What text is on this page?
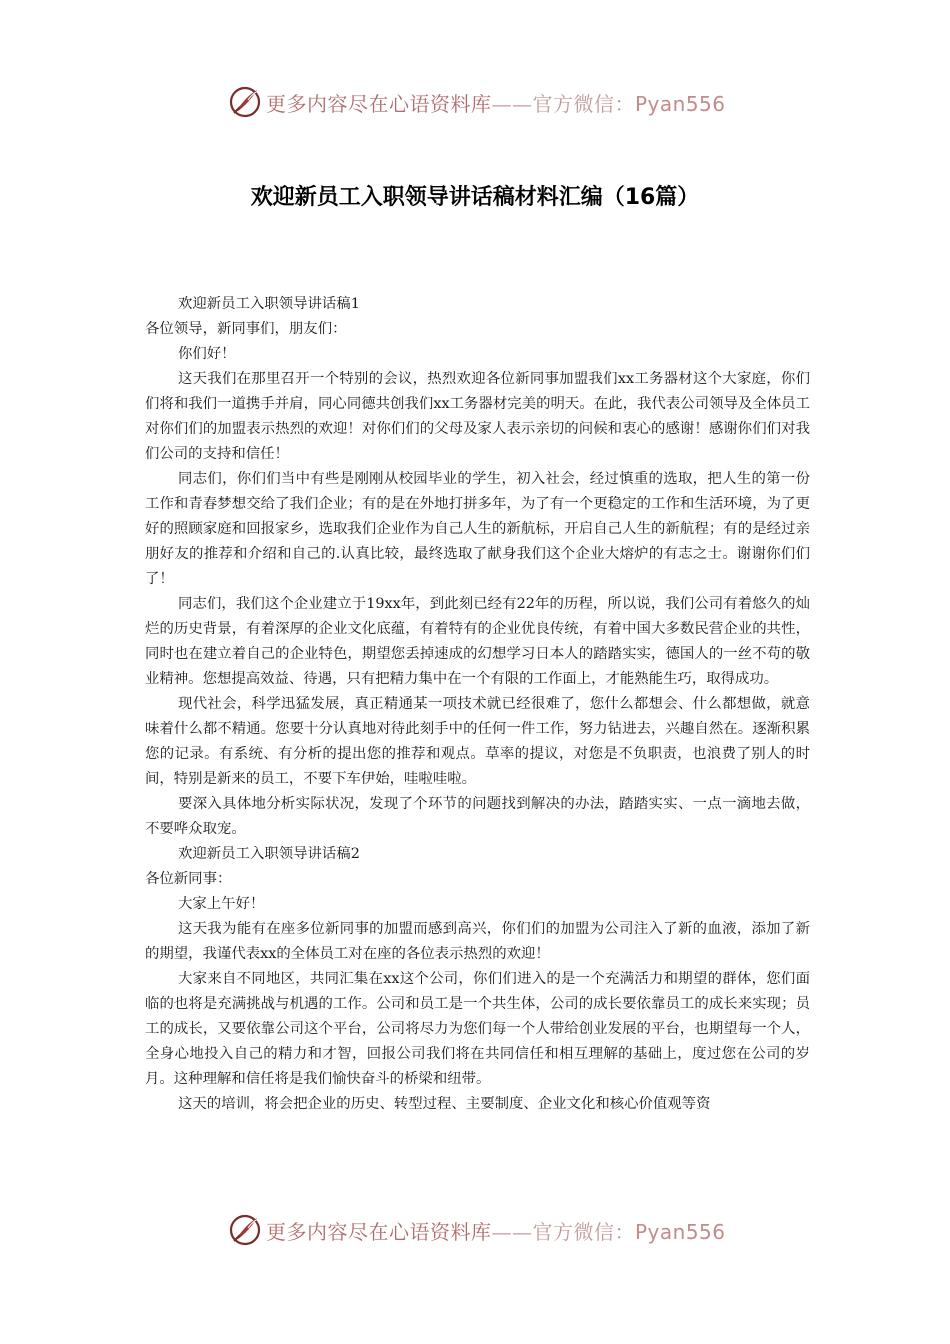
更多内容尽在心语资料库——官方微信：Pyan556
欢迎新员工入职领导讲话稿材料汇编（16篇）

欢迎新员工入职领导讲话稿1

各位领导，新同事们，朋友们：

你们好！

这天我们在那里召开一个特别的会议，热烈欢迎各位新同事加盟我们xx工务器材这个大家庭，你们们将和我们一道携手并肩，同心同德共创我们xx工务器材完美的明天。在此，我代表公司领导及全体员工对你们们的加盟表示热烈的欢迎！对你们们的父母及家人表示亲切的问候和衷心的感谢！感谢你们们对我们公司的支持和信任！

同志们，你们们当中有些是刚刚从校园毕业的学生，初入社会，经过慎重的选取，把人生的第一份工作和青春梦想交给了我们企业；有的是在外地打拼多年，为了有一个更稳定的工作和生活环境，为了更好的照顾家庭和回报家乡，选取我们企业作为自己人生的新航标，开启自己人生的新航程；有的是经过亲朋好友的推荐和介绍和自己的.认真比较，最终选取了献身我们这个企业大熔炉的有志之士。谢谢你们们了！

同志们，我们这个企业建立于19xx年，到此刻已经有22年的历程，所以说，我们公司有着悠久的灿烂的历史背景，有着深厚的企业文化底蕴，有着特有的企业优良传统，有着中国大多数民营企业的共性，同时也在建立着自己的企业特色，期望您丢掉速成的幻想学习日本人的踏踏实实，德国人的一丝不苟的敬业精神。您想提高效益、待遇，只有把精力集中在一个有限的工作面上，才能熟能生巧，取得成功。

现代社会，科学迅猛发展，真正精通某一项技术就已经很难了，您什么都想会、什么都想做，就意味着什么都不精通。您要十分认真地对待此刻手中的任何一件工作，努力钻进去，兴趣自然在。逐渐积累您的记录。有系统、有分析的提出您的推荐和观点。草率的提议，对您是不负职责，也浪费了别人的时间，特别是新来的员工，不要下车伊始，哇啦哇啦。

要深入具体地分析实际状况，发现了个环节的问题找到解决的办法，踏踏实实、一点一滴地去做，不要哗众取宠。

欢迎新员工入职领导讲话稿2

各位新同事：

大家上午好！

这天我为能有在座多位新同事的加盟而感到高兴，你们们的加盟为公司注入了新的血液，添加了新的期望，我谨代表xx的全体员工对在座的各位表示热烈的欢迎！

大家来自不同地区，共同汇集在xx这个公司，你们们进入的是一个充满活力和期望的群体，您们面临的也将是充满挑战与机遇的工作。公司和员工是一个共生体，公司的成长要依靠员工的成长来实现；员工的成长，又要依靠公司这个平台，公司将尽力为您们每一个人带给创业发展的平台，也期望每一个人，全身心地投入自己的精力和才智，回报公司我们将在共同信任和相互理解的基础上，度过您在公司的岁月。这种理解和信任将是我们愉快奋斗的桥梁和纽带。

这天的培训，将会把企业的历史、转型过程、主要制度、企业文化和核心价值观等资

更多内容尽在心语资料库——官方微信：Pyan556
